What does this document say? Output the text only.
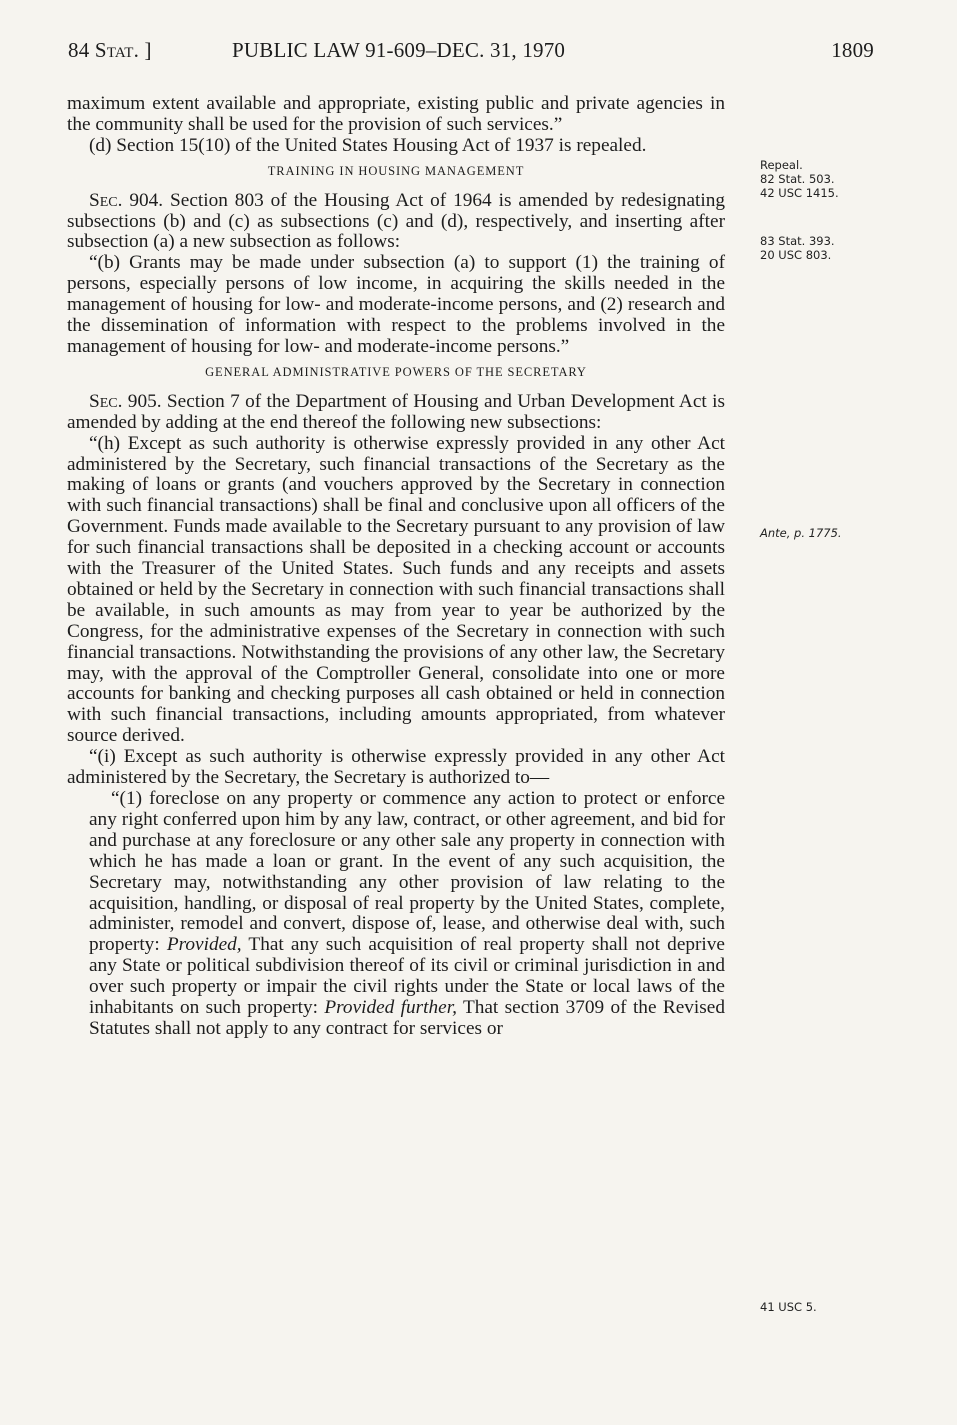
84 Stat. ]	PUBLIC LAW 91-609–DEC. 31, 1970	1809

maximum extent available and appropriate, existing public and private agencies in the community shall be used for the provision of such services.”

(d) Section 15(10) of the United States Housing Act of 1937 is repealed.

TRAINING IN HOUSING MANAGEMENT

Sec. 904. Section 803 of the Housing Act of 1964 is amended by redesignating subsections (b) and (c) as subsections (c) and (d), respectively, and inserting after subsection (a) a new subsection as follows:

“(b) Grants may be made under subsection (a) to support (1) the training of persons, especially persons of low income, in acquiring the skills needed in the management of housing for low- and moderate-income persons, and (2) research and the dissemination of information with respect to the problems involved in the management of housing for low- and moderate-income persons.”

GENERAL ADMINISTRATIVE POWERS OF THE SECRETARY

Sec. 905. Section 7 of the Department of Housing and Urban Development Act is amended by adding at the end thereof the following new subsections:

“(h) Except as such authority is otherwise expressly provided in any other Act administered by the Secretary, such financial transactions of the Secretary as the making of loans or grants (and vouchers approved by the Secretary in connection with such financial transactions) shall be final and conclusive upon all officers of the Government. Funds made available to the Secretary pursuant to any provision of law for such financial transactions shall be deposited in a checking account or accounts with the Treasurer of the United States. Such funds and any receipts and assets obtained or held by the Secretary in connection with such financial transactions shall be available, in such amounts as may from year to year be authorized by the Congress, for the administrative expenses of the Secretary in connection with such financial transactions. Notwithstanding the provisions of any other law, the Secretary may, with the approval of the Comptroller General, consolidate into one or more accounts for banking and checking purposes all cash obtained or held in connection with such financial transactions, including amounts appropriated, from whatever source derived.

“(i) Except as such authority is otherwise expressly provided in any other Act administered by the Secretary, the Secretary is authorized to—

“(1) foreclose on any property or commence any action to protect or enforce any right conferred upon him by any law, contract, or other agreement, and bid for and purchase at any foreclosure or any other sale any property in connection with which he has made a loan or grant. In the event of any such acquisition, the Secretary may, notwithstanding any other provision of law relating to the acquisition, handling, or disposal of real property by the United States, complete, administer, remodel and convert, dispose of, lease, and otherwise deal with, such property: Provided, That any such acquisition of real property shall not deprive any State or political subdivision thereof of its civil or criminal jurisdiction in and over such property or impair the civil rights under the State or local laws of the inhabitants on such property: Provided further, That section 3709 of the Revised Statutes shall not apply to any contract for services or

Repeal.
82 Stat. 503.
42 USC 1415.
83 Stat. 393.
20 USC 803.
Ante, p. 1775.
41 USC 5.
